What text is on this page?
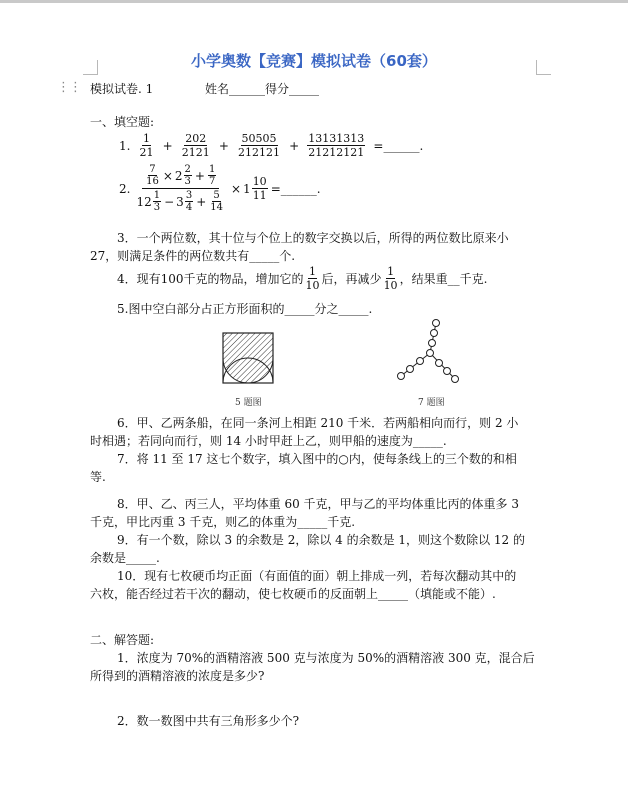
小学奥数【竞赛】模拟试卷（60套）
⋮⋮ 模拟试卷. 1	姓名______得分_____
一、填空题:
1. $\frac{1}{21} + \frac{202}{2121} + \frac{50505}{212121} + \frac{13131313}{21212121}$ =______.
2. $\frac{\frac{7}{16} \times 2 \frac{2}{3} + \frac{1}{7}}{12 \frac{1}{3} - 3 \frac{3}{4} + \frac{5}{14}} \times 1 \frac{10}{11}$ =______.
3．一个两位数，其十位与个位上的数字交换以后，所得的两位数比原来小
27，则满足条件的两位数共有_____个.
4．现有100千克的物品，增加它的 $\frac{1}{10}$ 后，再减少 $\frac{1}{10}$ ，结果重__千克.
5.图中空白部分占正方形面积的_____分之_____.
5 题图	7 题图
6．甲、乙两条船，在同一条河上相距 210 千米．若两船相向而行，则 2 小
时相遇；若同向而行，则 14 小时甲赶上乙，则甲船的速度为_____.
7．将 11 至 17 这七个数字，填入图中的○内，使每条线上的三个数的和相
等.
8．甲、乙、丙三人，平均体重 60 千克，甲与乙的平均体重比丙的体重多 3
千克，甲比丙重 3 千克，则乙的体重为_____千克.
9．有一个数，除以 3 的余数是 2，除以 4 的余数是 1，则这个数除以 12 的
余数是_____.
10．现有七枚硬币均正面（有面值的面）朝上排成一列，若每次翻动其中的
六枚，能否经过若干次的翻动，使七枚硬币的反面朝上_____（填能或不能）.
二、解答题:
1．浓度为 70%的酒精溶液 500 克与浓度为 50%的酒精溶液 300 克，混合后
所得到的酒精溶液的浓度是多少?
2．数一数图中共有三角形多少个?
